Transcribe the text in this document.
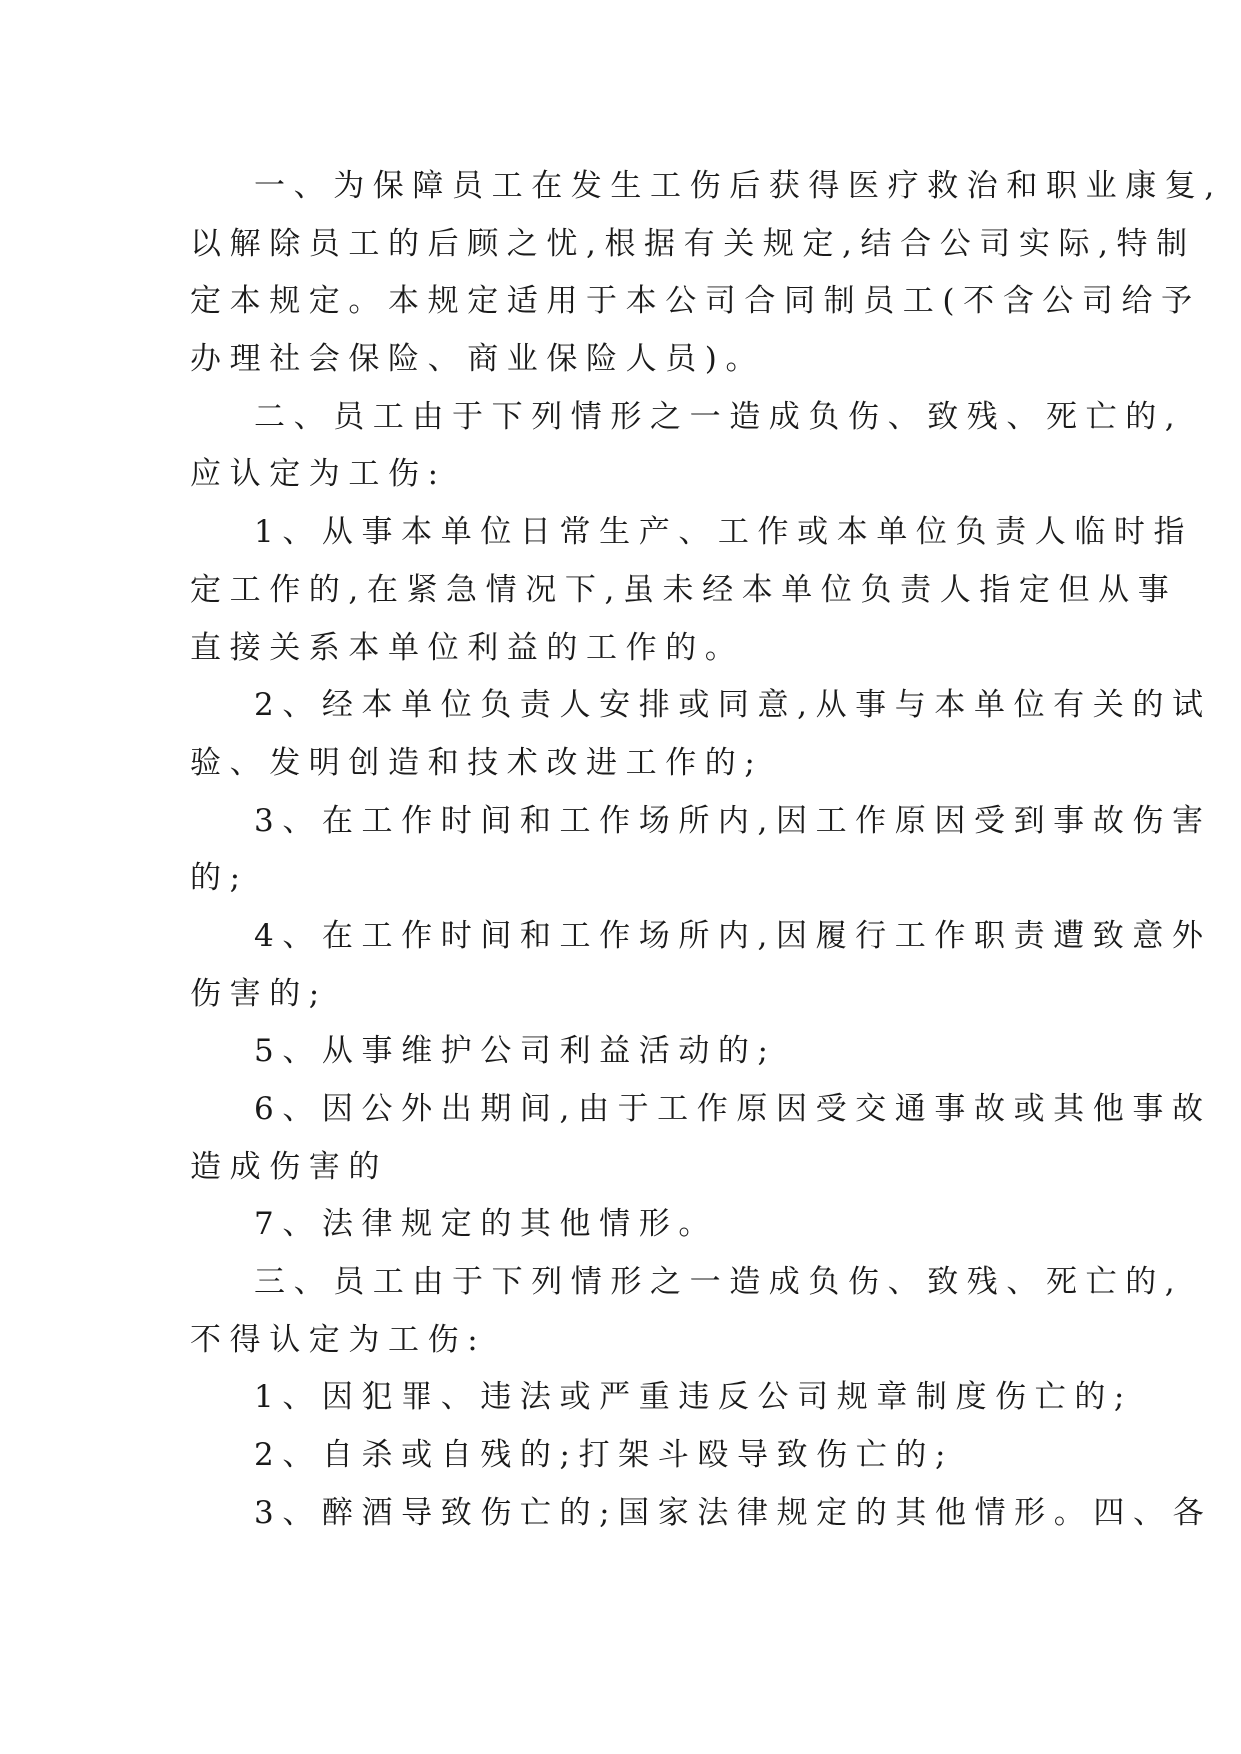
一、为保障员工在发生工伤后获得医疗救治和职业康复,
以解除员工的后顾之忧,根据有关规定,结合公司实际,特制
定本规定。本规定适用于本公司合同制员工(不含公司给予
办理社会保险、商业保险人员)。

二、员工由于下列情形之一造成负伤、致残、死亡的,
应认定为工伤:

1、从事本单位日常生产、工作或本单位负责人临时指
定工作的,在紧急情况下,虽未经本单位负责人指定但从事
直接关系本单位利益的工作的。

2、经本单位负责人安排或同意,从事与本单位有关的试
验、发明创造和技术改进工作的;

3、在工作时间和工作场所内,因工作原因受到事故伤害
的;

4、在工作时间和工作场所内,因履行工作职责遭致意外
伤害的;

5、从事维护公司利益活动的;

6、因公外出期间,由于工作原因受交通事故或其他事故
造成伤害的

7、法律规定的其他情形。

三、员工由于下列情形之一造成负伤、致残、死亡的,
不得认定为工伤:

1、因犯罪、违法或严重违反公司规章制度伤亡的;

2、自杀或自残的;打架斗殴导致伤亡的;

3、醉酒导致伤亡的;国家法律规定的其他情形。四、各
